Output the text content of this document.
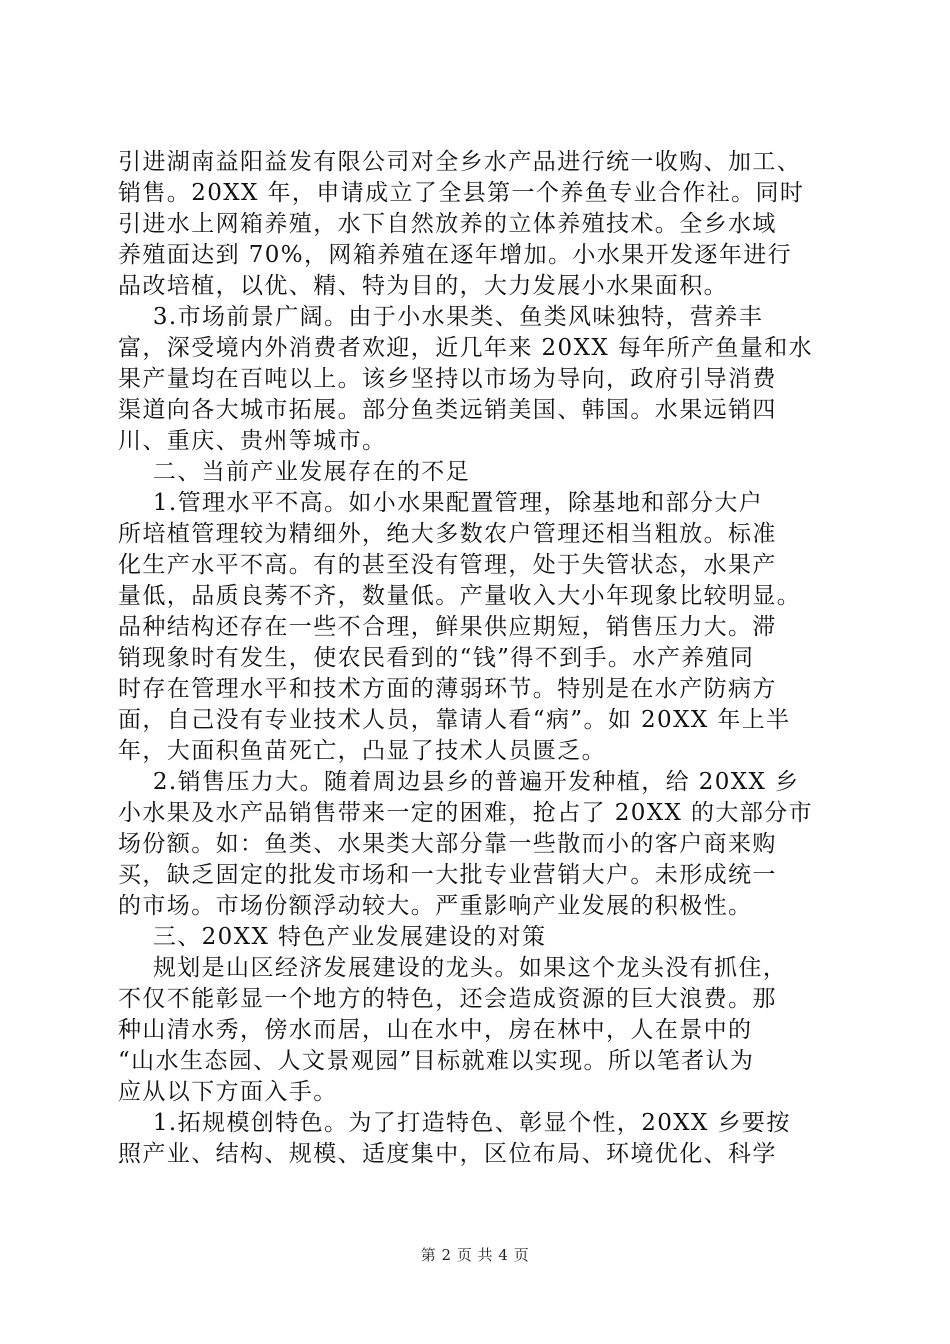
引进湖南益阳益发有限公司对全乡水产品进行统一收购、加工、
销售。20XX 年，申请成立了全县第一个养鱼专业合作社。同时
引进水上网箱养殖，水下自然放养的立体养殖技术。全乡水域
养殖面达到 70%，网箱养殖在逐年增加。小水果开发逐年进行
品改培植，以优、精、特为目的，大力发展小水果面积。
3.市场前景广阔。由于小水果类、鱼类风味独特，营养丰
富，深受境内外消费者欢迎，近几年来 20XX 每年所产鱼量和水
果产量均在百吨以上。该乡坚持以市场为导向，政府引导消费
渠道向各大城市拓展。部分鱼类远销美国、韩国。水果远销四
川、重庆、贵州等城市。
二、当前产业发展存在的不足
1.管理水平不高。如小水果配置管理，除基地和部分大户
所培植管理较为精细外，绝大多数农户管理还相当粗放。标准
化生产水平不高。有的甚至没有管理，处于失管状态，水果产
量低，品质良莠不齐，数量低。产量收入大小年现象比较明显。
品种结构还存在一些不合理，鲜果供应期短，销售压力大。滞
销现象时有发生，使农民看到的“钱”得不到手。水产养殖同
时存在管理水平和技术方面的薄弱环节。特别是在水产防病方
面，自己没有专业技术人员，靠请人看“病”。如 20XX 年上半
年，大面积鱼苗死亡，凸显了技术人员匮乏。
2.销售压力大。随着周边县乡的普遍开发种植，给 20XX 乡
小水果及水产品销售带来一定的困难，抢占了 20XX 的大部分市
场份额。如：鱼类、水果类大部分靠一些散而小的客户商来购
买，缺乏固定的批发市场和一大批专业营销大户。未形成统一
的市场。市场份额浮动较大。严重影响产业发展的积极性。
三、20XX 特色产业发展建设的对策
规划是山区经济发展建设的龙头。如果这个龙头没有抓住，
不仅不能彰显一个地方的特色，还会造成资源的巨大浪费。那
种山清水秀，傍水而居，山在水中，房在林中，人在景中的
“山水生态园、人文景观园”目标就难以实现。所以笔者认为
应从以下方面入手。
1.拓规模创特色。为了打造特色、彰显个性，20XX 乡要按
照产业、结构、规模、适度集中，区位布局、环境优化、科学
第 2 页 共 4 页
